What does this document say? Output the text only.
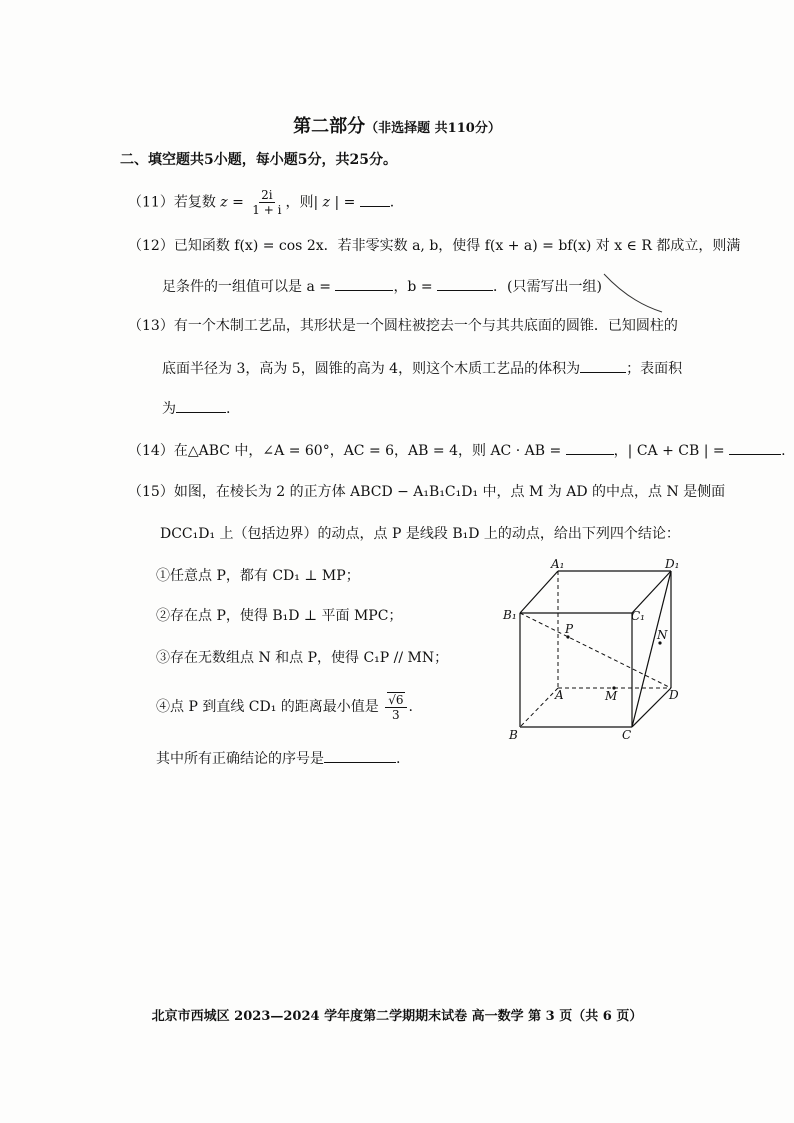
第二部分（非选择题 共110分）
二、填空题共5小题，每小题5分，共25分。
（11）若复数 $z = \frac{2i}{1 + i}$ ，则| z | = .
（12）已知函数 f(x) = cos 2x．若非零实数 a, b，使得 f(x + a) = bf(x) 对 x ∈ R 都成立，则满
足条件的一组值可以是 a =	，b =	．(只需写出一组)
（13）有一个木制工艺品，其形状是一个圆柱被挖去一个与其共底面的圆锥．已知圆柱的
底面半径为 3，高为 5，圆锥的高为 4，则这个木质工艺品的体积为	；表面积
为	.
（14）在△ABC 中，∠A = 60°，AC = 6，AB = 4，则 AC · AB =	，| CA + CB | =	.
（15）如图，在棱长为 2 的正方体 ABCD − A₁B₁C₁D₁ 中，点 M 为 AD 的中点，点 N 是侧面
DCC₁D₁ 上（包括边界）的动点，点 P 是线段 B₁D 上的动点，给出下列四个结论：
①任意点 P，都有 CD₁ ⊥ MP；
②存在点 P，使得 B₁D ⊥ 平面 MPC；
③存在无数组点 N 和点 P，使得 C₁P // MN；
④点 P 到直线 CD₁ 的距离最小值是 $\frac{√6}{3}$ .
其中所有正确结论的序号是	.
A₁	D₁
B₁	C₁
P	N
A	M	D
B	C
北京市西城区 2023—2024 学年度第二学期期末试卷 高一数学 第 3 页（共 6 页）
